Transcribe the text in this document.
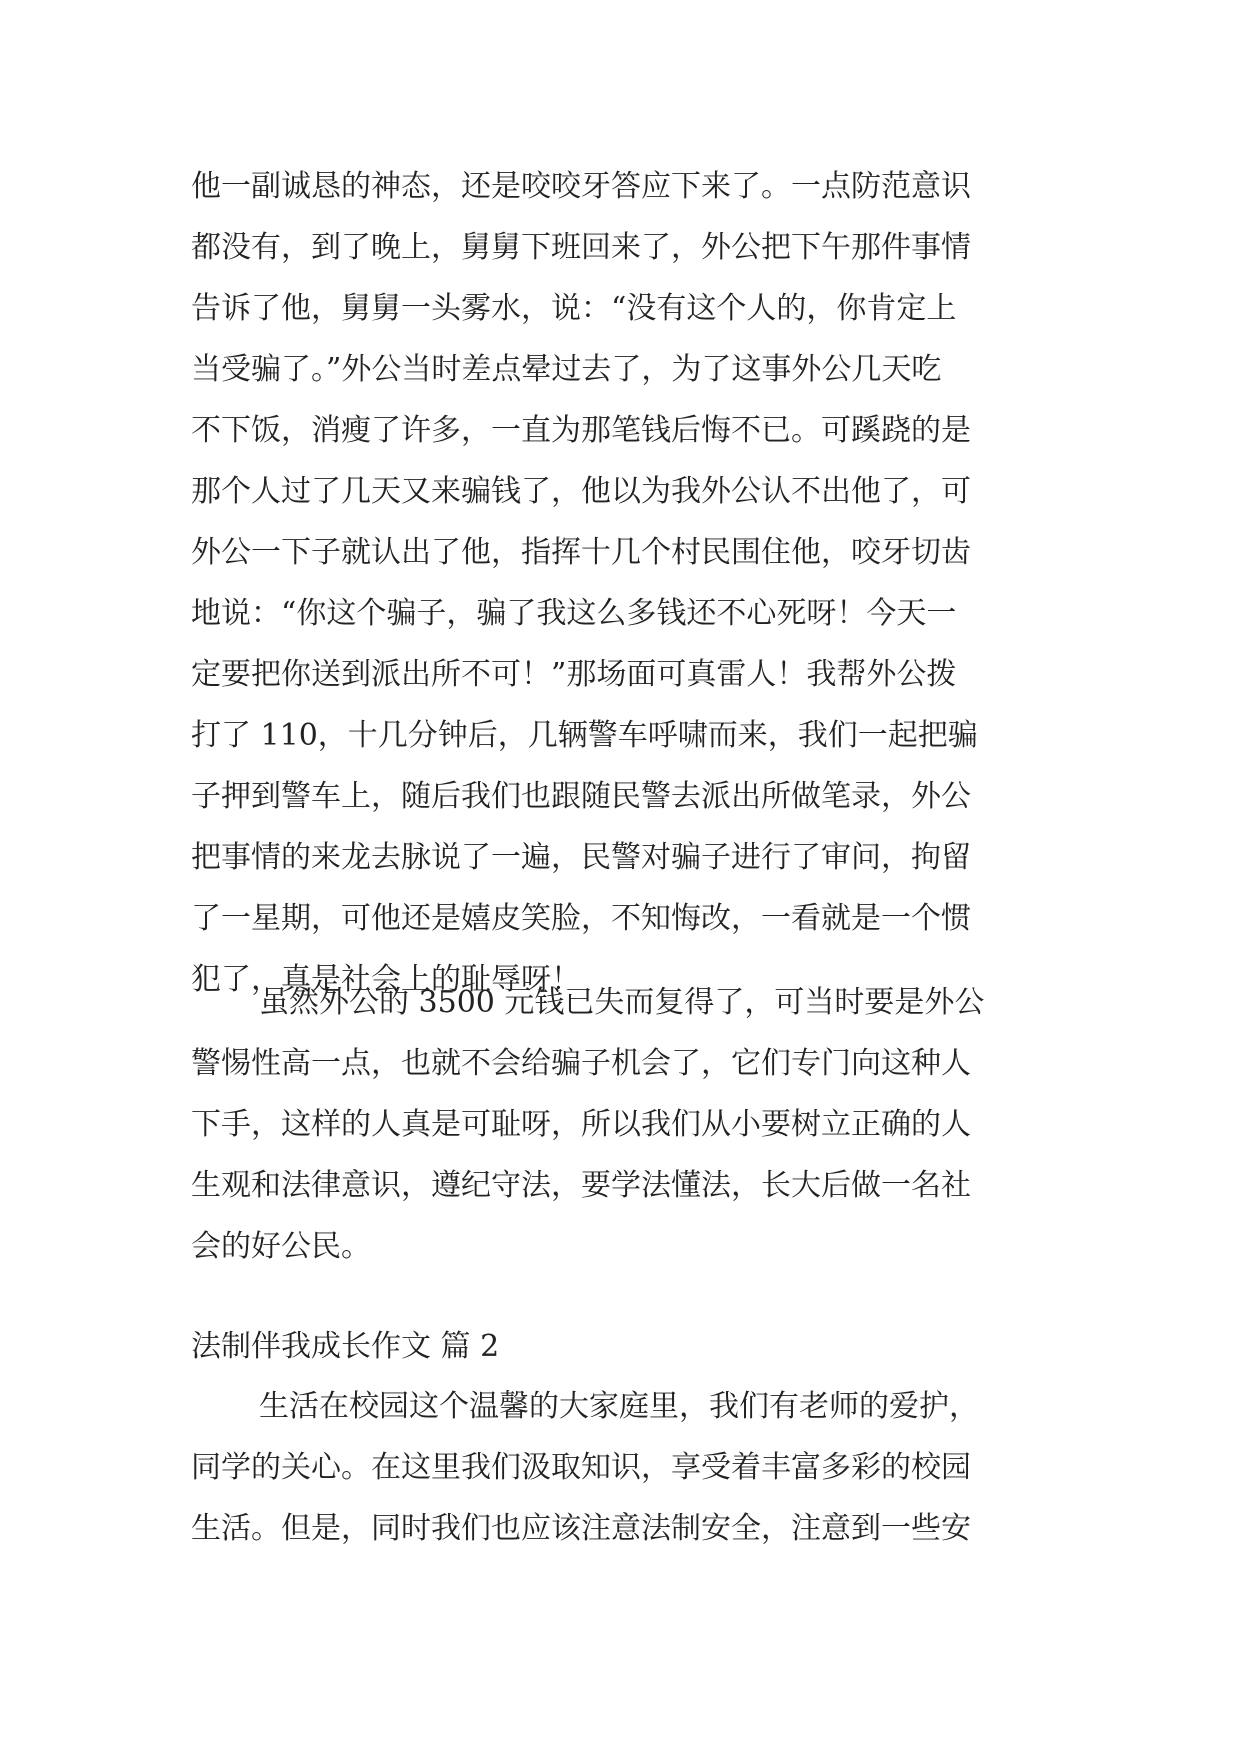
他一副诚恳的神态，还是咬咬牙答应下来了。一点防范意识
都没有，到了晚上，舅舅下班回来了，外公把下午那件事情
告诉了他，舅舅一头雾水，说：“没有这个人的，你肯定上
当受骗了。”外公当时差点晕过去了，为了这事外公几天吃
不下饭，消瘦了许多，一直为那笔钱后悔不已。可蹊跷的是
那个人过了几天又来骗钱了，他以为我外公认不出他了，可
外公一下子就认出了他，指挥十几个村民围住他，咬牙切齿
地说：“你这个骗子，骗了我这么多钱还不心死呀！今天一
定要把你送到派出所不可！”那场面可真雷人！我帮外公拨
打了 110，十几分钟后，几辆警车呼啸而来，我们一起把骗
子押到警车上，随后我们也跟随民警去派出所做笔录，外公
把事情的来龙去脉说了一遍，民警对骗子进行了审问，拘留
了一星期，可他还是嬉皮笑脸，不知悔改，一看就是一个惯
犯了，真是社会上的耻辱呀！
虽然外公的 3500 元钱已失而复得了，可当时要是外公
警惕性高一点，也就不会给骗子机会了，它们专门向这种人
下手，这样的人真是可耻呀，所以我们从小要树立正确的人
生观和法律意识，遵纪守法，要学法懂法，长大后做一名社
会的好公民。
法制伴我成长作文 篇 2
生活在校园这个温馨的大家庭里，我们有老师的爱护，
同学的关心。在这里我们汲取知识，享受着丰富多彩的校园
生活。但是，同时我们也应该注意法制安全，注意到一些安
